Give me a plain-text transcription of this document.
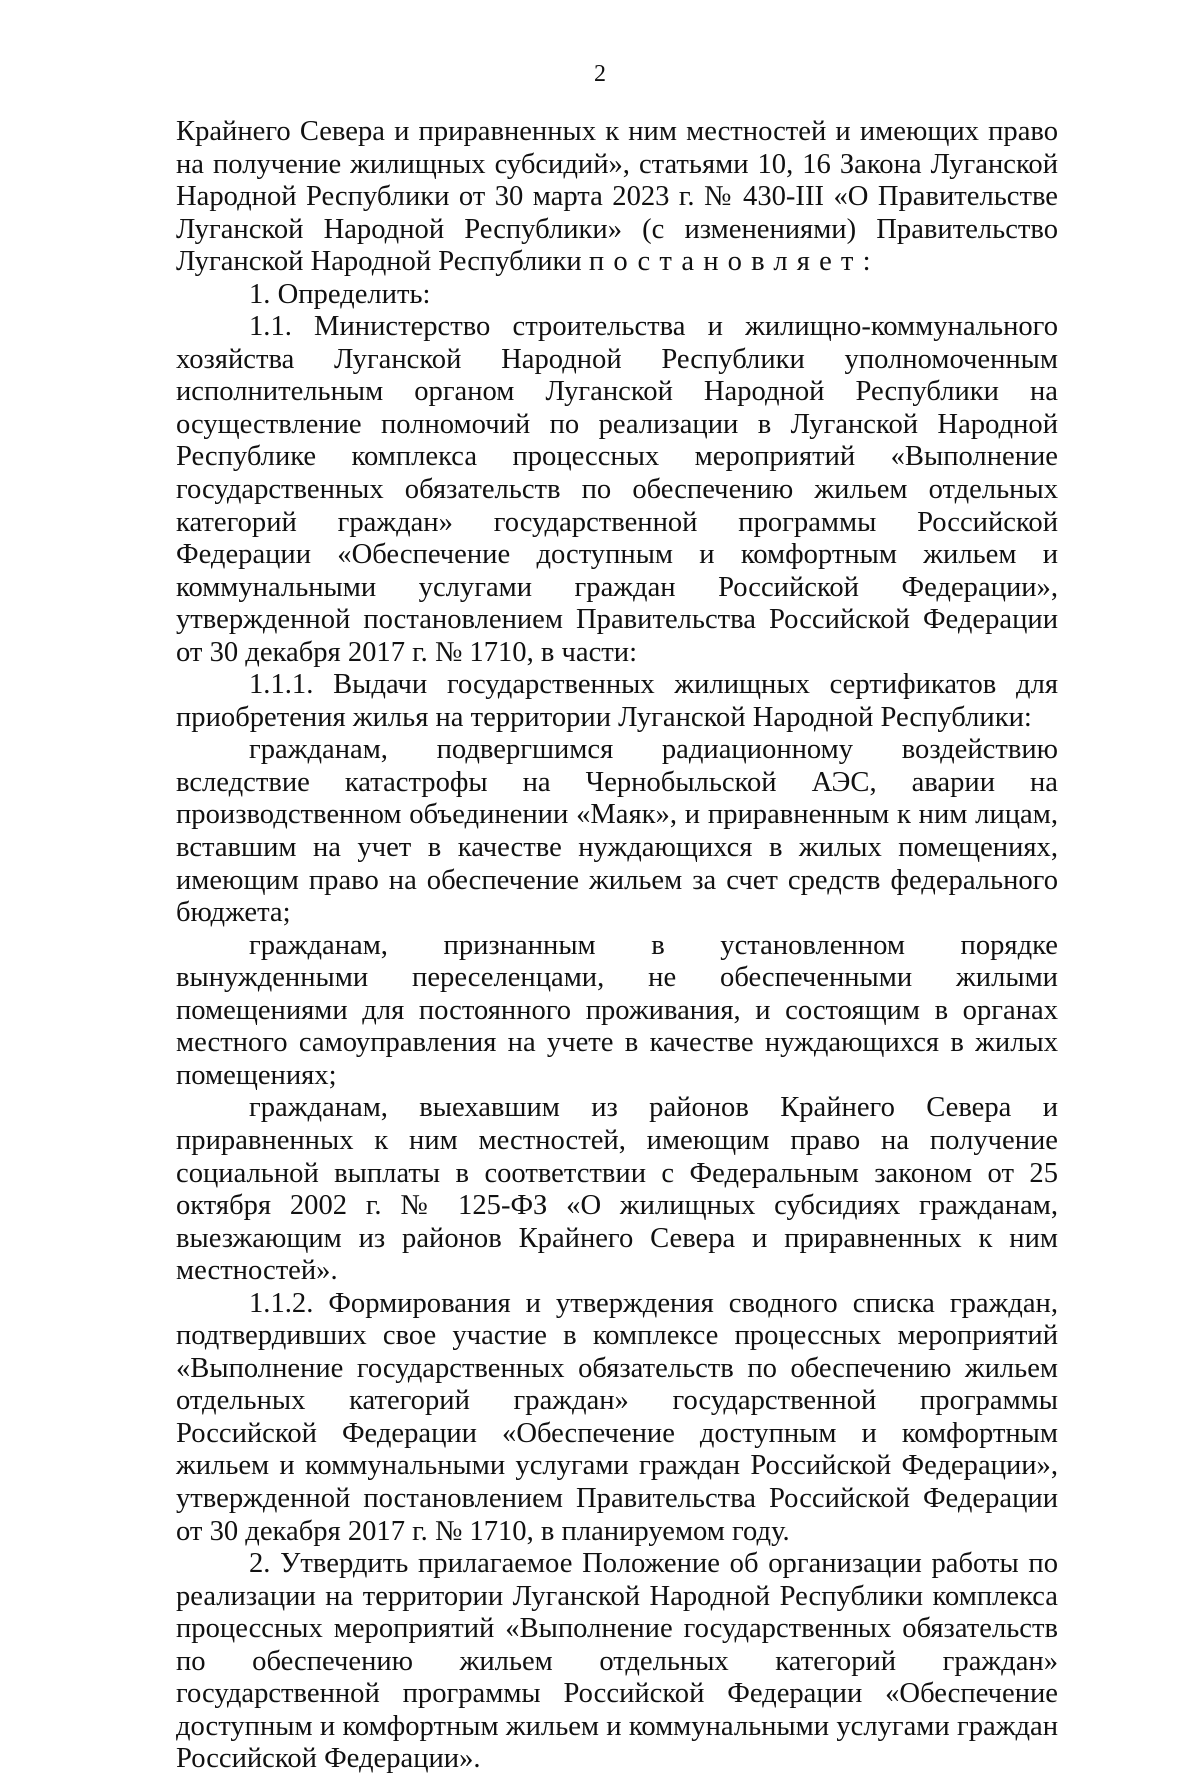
2

Крайнего Севера и приравненных к ним местностей и имеющих право на получение жилищных субсидий», статьями 10, 16 Закона Луганской Народной Республики от 30 марта 2023 г. № 430-III «О Правительстве Луганской Народной Республики» (с изменениями) Правительство Луганской Народной Республики постановляет:

1. Определить:

1.1. Министерство строительства и жилищно-коммунального хозяйства Луганской Народной Республики уполномоченным исполнительным органом Луганской Народной Республики на осуществление полномочий по реализации в Луганской Народной Республике комплекса процессных мероприятий «Выполнение государственных обязательств по обеспечению жильем отдельных категорий граждан» государственной программы Российской Федерации «Обеспечение доступным и комфортным жильем и коммунальными услугами граждан Российской Федерации», утвержденной постановлением Правительства Российской Федерации от 30 декабря 2017 г. № 1710, в части:

1.1.1. Выдачи государственных жилищных сертификатов для приобретения жилья на территории Луганской Народной Республики:

гражданам, подвергшимся радиационному воздействию вследствие катастрофы на Чернобыльской АЭС, аварии на производственном объединении «Маяк», и приравненным к ним лицам, вставшим на учет в качестве нуждающихся в жилых помещениях, имеющим право на обеспечение жильем за счет средств федерального бюджета;

гражданам, признанным в установленном порядке вынужденными переселенцами, не обеспеченными жилыми помещениями для постоянного проживания, и состоящим в органах местного самоуправления на учете в качестве нуждающихся в жилых помещениях;

гражданам, выехавшим из районов Крайнего Севера и приравненных к ним местностей, имеющим право на получение социальной выплаты в соответствии с Федеральным законом от 25 октября 2002 г. № 125-ФЗ «О жилищных субсидиях гражданам, выезжающим из районов Крайнего Севера и приравненных к ним местностей».

1.1.2. Формирования и утверждения сводного списка граждан, подтвердивших свое участие в комплексе процессных мероприятий «Выполнение государственных обязательств по обеспечению жильем отдельных категорий граждан» государственной программы Российской Федерации «Обеспечение доступным и комфортным жильем и коммунальными услугами граждан Российской Федерации», утвержденной постановлением Правительства Российской Федерации от 30 декабря 2017 г. № 1710, в планируемом году.

2. Утвердить прилагаемое Положение об организации работы по реализации на территории Луганской Народной Республики комплекса процессных мероприятий «Выполнение государственных обязательств по обеспечению жильем отдельных категорий граждан» государственной программы Российской Федерации «Обеспечение доступным и комфортным жильем и коммунальными услугами граждан Российской Федерации».
